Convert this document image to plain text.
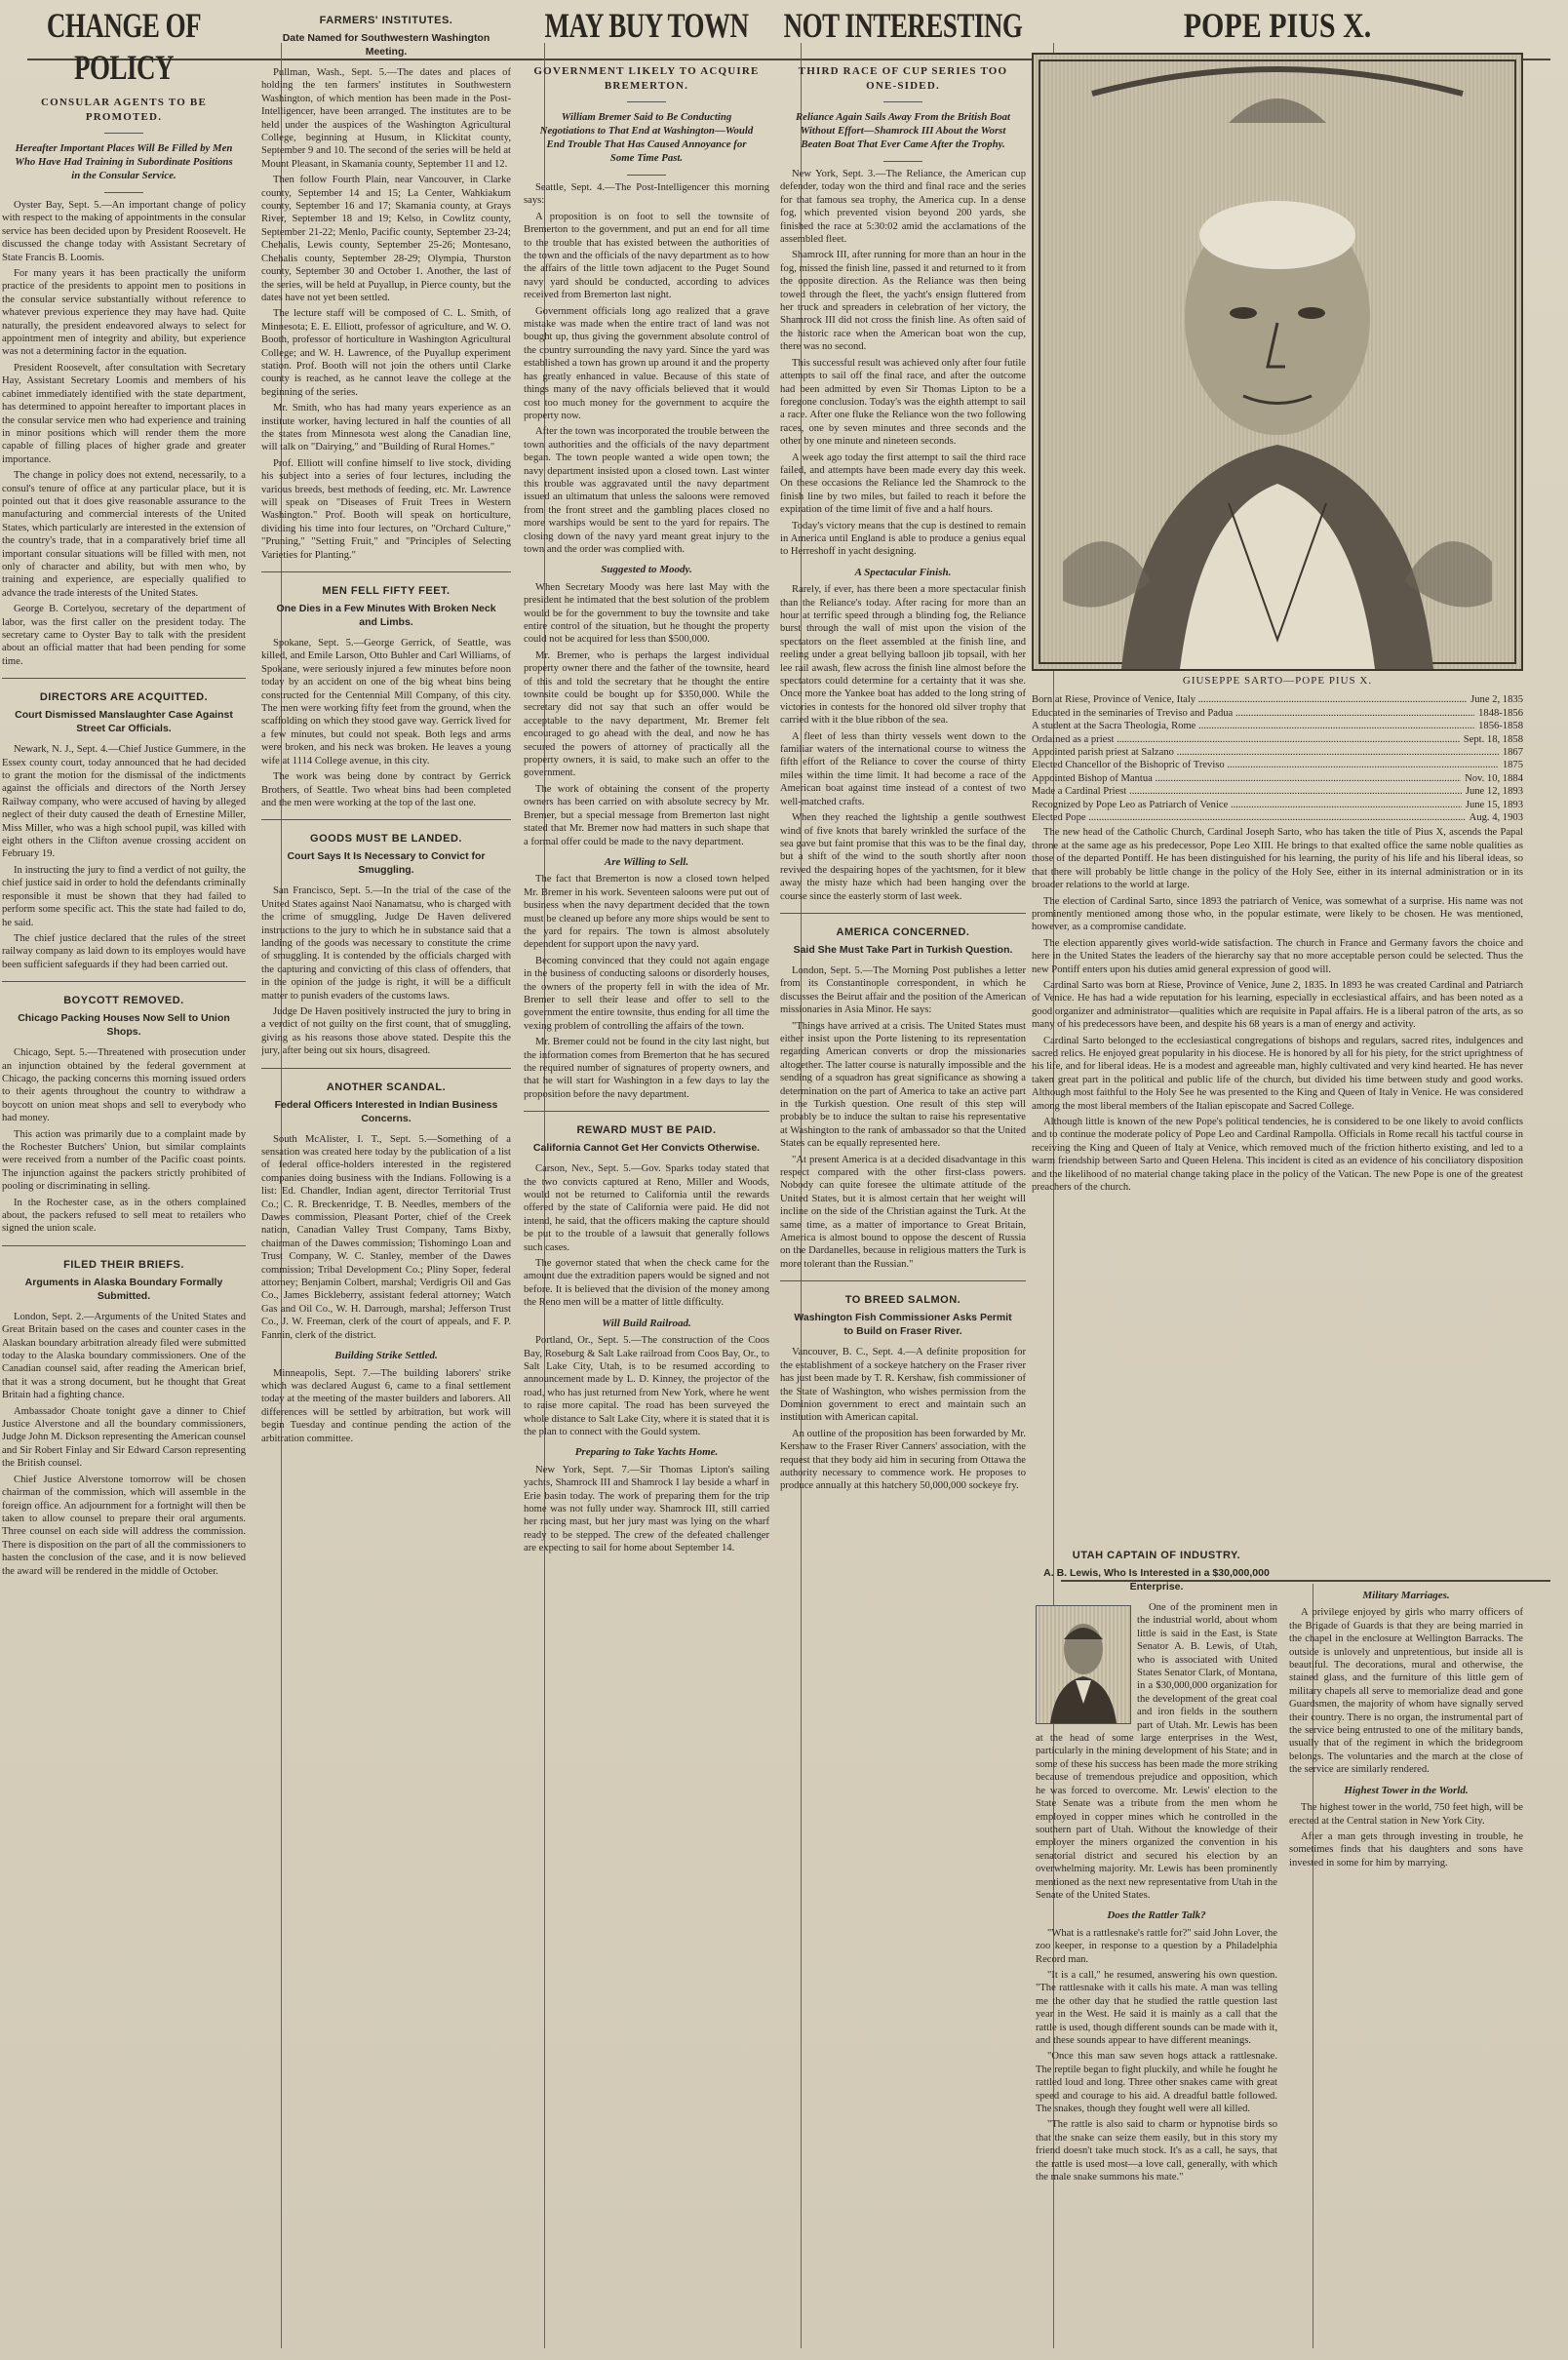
CHANGE OF POLICY
CONSULAR AGENTS TO BE PROMOTED.
Hereafter Important Places Will Be Filled by Men Who Have Had Training in Subordinate Positions in the Consular Service.

Oyster Bay, Sept. 5.—An important change of policy with respect to the making of appointments in the consular service has been decided upon by President Roosevelt. He discussed the change today with Assistant Secretary of State Francis B. Loomis.

For many years it has been practically the uniform practice of the presidents to appoint men to positions in the consular service substantially without reference to whatever previous experience they may have had. Quite naturally, the president endeavored always to select for appointment men of integrity and ability, but experience was not a determining factor in the equation.

President Roosevelt, after consultation with Secretary Hay, Assistant Secretary Loomis and members of his cabinet immediately identified with the state department, has determined to appoint hereafter to important places in the consular service men who had experience and training in minor positions which will render them the more capable of filling places of higher grade and greater importance.

The change in policy does not extend, necessarily, to a consul's tenure of office at any particular place, but it is pointed out that it does give reasonable assurance to the manufacturing and commercial interests of the United States, which particularly are interested in the extension of the country's trade, that in a comparatively brief time all important consular situations will be filled with men, not only of character and ability, but with men who, by training and experience, are especially qualified to advance the trade interests of the United States.

George B. Cortelyou, secretary of the department of labor, was the first caller on the president today. The secretary came to Oyster Bay to talk with the president about an official matter that had been pending for some time.

DIRECTORS ARE ACQUITTED.
Court Dismissed Manslaughter Case Against Street Car Officials.

Newark, N. J., Sept. 4.—Chief Justice Gummere, in the Essex county court, today announced that he had decided to grant the motion for the dismissal of the indictments against the officials and directors of the North Jersey Railway company, who were accused of having by alleged neglect of their duty caused the death of Ernestine Miller, Miss Miller, who was a high school pupil, was killed with eight others in the Clifton avenue crossing accident on February 19.

In instructing the jury to find a verdict of not guilty, the chief justice said in order to hold the defendants criminally responsible it must be shown that they had failed to perform some specific act. This the state had failed to do, he said.

The chief justice declared that the rules of the street railway company as laid down to its employes would have been sufficient safeguards if they had been carried out.

BOYCOTT REMOVED.
Chicago Packing Houses Now Sell to Union Shops.

Chicago, Sept. 5.—Threatened with prosecution under an injunction obtained by the federal government at Chicago, the packing concerns this morning issued orders to their agents throughout the country to withdraw a boycott on union meat shops and sell to everybody who had money.

This action was primarily due to a complaint made by the Rochester Butchers' Union, but similar complaints were received from a number of the Pacific coast points. The injunction against the packers strictly prohibited of pooling or discriminating in selling.

In the Rochester case, as in the others complained about, the packers refused to sell meat to retailers who signed the union scale.

FILED THEIR BRIEFS.
Arguments in Alaska Boundary Formally Submitted.

London, Sept. 2.—Arguments of the United States and Great Britain based on the cases and counter cases in the Alaskan boundary arbitration already filed were submitted today to the Alaska boundary commissioners. One of the Canadian counsel said, after reading the American brief, that it was a strong document, but he thought that Great Britain had a fighting chance.

Ambassador Choate tonight gave a dinner to Chief Justice Alverstone and all the boundary commissioners, Judge John M. Dickson representing the American counsel and Sir Robert Finlay and Sir Edward Carson representing the British counsel.

Chief Justice Alverstone tomorrow will be chosen chairman of the commission, which will assemble in the foreign office. An adjournment for a fortnight will then be taken to allow counsel to prepare their oral arguments. Three counsel on each side will address the commission. There is disposition on the part of all the commissioners to hasten the conclusion of the case, and it is now believed the award will be rendered in the middle of October.

FARMERS' INSTITUTES.
Date Named for Southwestern Washington Meeting.

Pullman, Wash., Sept. 5.—The dates and places of holding the ten farmers' institutes in Southwestern Washington, of which mention has been made in the Post-Intelligencer, have been arranged. The institutes are to be held under the auspices of the Washington Agricultural College, beginning at Husum, in Klickitat county, September 9 and 10. The second of the series will be held at Mount Pleasant, in Skamania county, September 11 and 12.

Then follow Fourth Plain, near Vancouver, in Clarke county, September 14 and 15; La Center, Wahkiakum county, September 16 and 17; Skamania county, at Grays River, September 18 and 19; Kelso, in Cowlitz county, September 21-22; Menlo, Pacific county, September 23-24; Chehalis, Lewis county, September 25-26; Montesano, Chehalis county, September 28-29; Olympia, Thurston county, September 30 and October 1. Another, the last of the series, will be held at Puyallup, in Pierce county, but the dates have not yet been settled.

The lecture staff will be composed of C. L. Smith, of Minnesota; E. E. Elliott, professor of agriculture, and W. O. Booth, professor of horticulture in Washington Agricultural College; and W. H. Lawrence, of the Puyallup experiment station. Prof. Booth will not join the others until Clarke county is reached, as he cannot leave the college at the beginning of the series.

Mr. Smith, who has had many years experience as an institute worker, having lectured in half the counties of all the states from Minnesota west along the Canadian line, will talk on "Dairying," and "Building of Rural Homes."

Prof. Elliott will confine himself to live stock, dividing his subject into a series of four lectures, including the various breeds, best methods of feeding, etc. Mr. Lawrence will speak on "Diseases of Fruit Trees in Western Washington." Prof. Booth will speak on horticulture, dividing his time into four lectures, on "Orchard Culture," "Pruning," "Setting Fruit," and "Principles of Selecting Varieties for Planting."

MEN FELL FIFTY FEET.
One Dies in a Few Minutes With Broken Neck and Limbs.

Spokane, Sept. 5.—George Gerrick, of Seattle, was killed, and Emile Larson, Otto Buhler and Carl Williams, of Spokane, were seriously injured a few minutes before noon today by an accident on one of the big wheat bins being constructed for the Centennial Mill Company, of this city. The men were working fifty feet from the ground, when the scaffolding on which they stood gave way. Gerrick lived for a few minutes, but could not speak. Both legs and arms were broken, and his neck was broken. He leaves a young wife at 1114 College avenue, in this city.

The work was being done by contract by Gerrick Brothers, of Seattle. Two wheat bins had been completed and the men were working at the top of the last one.

GOODS MUST BE LANDED.
Court Says It Is Necessary to Convict for Smuggling.

San Francisco, Sept. 5.—In the trial of the case of the United States against Naoi Nanamatsu, who is charged with the crime of smuggling, Judge De Haven delivered instructions to the jury to which he in substance said that a landing of the goods was necessary to constitute the crime of smuggling. It is contended by the officials charged with the capturing and convicting of this class of offenders, that in the opinion of the judge is right, it will be a difficult matter to punish evaders of the customs laws.

Judge De Haven positively instructed the jury to bring in a verdict of not guilty on the first count, that of smuggling, giving as his reasons those above stated. Despite this the jury, after being out six hours, disagreed.

ANOTHER SCANDAL.
Federal Officers Interested in Indian Business Concerns.

South McAlister, I. T., Sept. 5.—Something of a sensation was created here today by the publication of a list of federal office-holders interested in the registered companies doing business with the Indians. Following is a list: Ed. Chandler, Indian agent, director Territorial Trust Co.; C. R. Breckenridge, T. B. Needles, members of the Dawes commission, Pleasant Porter, chief of the Creek nation, Canadian Valley Trust Company, Tams Bixby, chairman of the Dawes commission; Tishomingo Loan and Trust Company, W. C. Stanley, member of the Dawes commission; Tribal Development Co.; Pliny Soper, federal attorney; Benjamin Colbert, marshal; Verdigris Oil and Gas Co., James Bickleberry, assistant federal attorney; Watch Gas and Oil Co., W. H. Darrough, marshal; Jefferson Trust Co., J. W. Freeman, clerk of the court of appeals, and F. P. Fannin, clerk of the district.

Building Strike Settled.

Minneapolis, Sept. 7.—The building laborers' strike which was declared August 6, came to a final settlement today at the meeting of the master builders and laborers. All differences will be settled by arbitration, but work will begin Tuesday and continue pending the action of the arbitration committee.

MAY BUY TOWN
GOVERNMENT LIKELY TO ACQUIRE BREMERTON.
William Bremer Said to Be Conducting Negotiations to That End at Washington—Would End Trouble That Has Caused Annoyance for Some Time Past.

Seattle, Sept. 4.—The Post-Intelligencer this morning says:

A proposition is on foot to sell the townsite of Bremerton to the government, and put an end for all time to the trouble that has existed between the authorities of the town and the officials of the navy department as to how the affairs of the little town adjacent to the Puget Sound navy yard should be conducted, according to advices received from Bremerton last night.

Government officials long ago realized that a grave mistake was made when the entire tract of land was not bought up, thus giving the government absolute control of the country surrounding the navy yard. Since the yard was established a town has grown up around it and the property has greatly enhanced in value. Because of this state of things many of the navy officials believed that it would cost too much money for the government to acquire the property now.

After the town was incorporated the trouble between the town authorities and the officials of the navy department began. The town people wanted a wide open town; the navy department insisted upon a closed town. Last winter this trouble was aggravated until the navy department issued an ultimatum that unless the saloons were removed from the front street and the gambling places closed no more warships would be sent to the yard for repairs. The closing down of the navy yard meant great injury to the town and the order was complied with.

Suggested to Moody.

When Secretary Moody was here last May with the president he intimated that the best solution of the problem would be for the government to buy the townsite and take entire control of the situation, but he thought the property could not be acquired for less than $500,000.

Mr. Bremer, who is perhaps the largest individual property owner there and the father of the townsite, heard of this and told the secretary that he thought the entire townsite could be bought up for $350,000. While the secretary did not say that such an offer would be acceptable to the navy department, Mr. Bremer felt encouraged to go ahead with the deal, and now he has secured the powers of attorney of practically all the property owners, it is said, to make such an offer to the government.

The work of obtaining the consent of the property owners has been carried on with absolute secrecy by Mr. Bremer, but a special message from Bremerton last night stated that Mr. Bremer now had matters in such shape that a formal offer could be made to the navy department.

Are Willing to Sell.

The fact that Bremerton is now a closed town helped Mr. Bremer in his work. Seventeen saloons were put out of business when the navy department decided that the town must be cleaned up before any more ships would be sent to the yard for repairs. The town is almost absolutely dependent for support upon the navy yard.

Becoming convinced that they could not again engage in the business of conducting saloons or disorderly houses, the owners of the property fell in with the idea of Mr. Bremer to sell their lease and offer to sell to the government the entire townsite, thus ending for all time the vexing problem of controlling the affairs of the town.

Mr. Bremer could not be found in the city last night, but the information comes from Bremerton that he has secured the required number of signatures of property owners, and that he will start for Washington in a few days to lay the proposition before the navy department.

REWARD MUST BE PAID.
California Cannot Get Her Convicts Otherwise.

Carson, Nev., Sept. 5.—Gov. Sparks today stated that the two convicts captured at Reno, Miller and Woods, would not be returned to California until the rewards offered by the state of California were paid. He did not intend, he said, that the officers making the capture should be put to the trouble of a lawsuit that generally follows such cases.

The governor stated that when the check came for the amount due the extradition papers would be signed and not before. It is believed that the division of the money among the Reno men will be a matter of little difficulty.

Will Build Railroad.

Portland, Or., Sept. 5.—The construction of the Coos Bay, Roseburg & Salt Lake railroad from Coos Bay, Or., to Salt Lake City, Utah, is to be resumed according to announcement made by L. D. Kinney, the projector of the road, who has just returned from New York, where he went to raise more capital. The road has been surveyed the whole distance to Salt Lake City, where it is stated that it is the plan to connect with the Gould system.

Preparing to Take Yachts Home.

New York, Sept. 7.—Sir Thomas Lipton's sailing yachts, Shamrock III and Shamrock I lay beside a wharf in Erie basin today. The work of preparing them for the trip home was not fully under way. Shamrock III, still carried her racing mast, but her jury mast was lying on the wharf ready to be stepped. The crew of the defeated challenger are expecting to sail for home about September 14.

NOT INTERESTING
THIRD RACE OF CUP SERIES TOO ONE-SIDED.
Reliance Again Sails Away From the British Boat Without Effort—Shamrock III About the Worst Beaten Boat That Ever Came After the Trophy.

New York, Sept. 3.—The Reliance, the American cup defender, today won the third and final race and the series for that famous sea trophy, the America cup. In a dense fog, which prevented vision beyond 200 yards, she finished the race at 5:30:02 amid the acclamations of the assembled fleet.

Shamrock III, after running for more than an hour in the fog, missed the finish line, passed it and returned to it from the opposite direction. As the Reliance was then being towed through the fleet, the yacht's ensign fluttered from her truck and spreaders in celebration of her victory, the Shamrock III did not cross the finish line. As often said of the historic race when the American boat won the cup, there was no second.

This successful result was achieved only after four futile attempts to sail off the final race, and after the outcome had been admitted by even Sir Thomas Lipton to be a foregone conclusion. Today's was the eighth attempt to sail a race. After one fluke the Reliance won the two following races, one by seven minutes and three seconds and the other by one minute and nineteen seconds.

A week ago today the first attempt to sail the third race failed, and attempts have been made every day this week. On these occasions the Reliance led the Shamrock to the finish line by two miles, but failed to reach it before the expiration of the time limit of five and a half hours.

Today's victory means that the cup is destined to remain in America until England is able to produce a genius equal to Herreshoff in yacht designing.

A Spectacular Finish.

Rarely, if ever, has there been a more spectacular finish than the Reliance's today. After racing for more than an hour at terrific speed through a blinding fog, the Reliance burst through the wall of mist upon the vision of the spectators on the fleet assembled at the finish line, and reeling under a great bellying balloon jib topsail, with her lee rail awash, flew across the finish line almost before the spectators could determine for a certainty that it was she. Once more the Yankee boat has added to the long string of victories in contests for the honored old silver trophy that carried with it the blue ribbon of the sea.

A fleet of less than thirty vessels went down to the familiar waters of the international course to witness the fifth effort of the Reliance to cover the course of thirty miles within the time limit. It had become a race of the American boat against time instead of a contest of two well-matched crafts.

When they reached the lightship a gentle southwest wind of five knots that barely wrinkled the surface of the sea gave but faint promise that this was to be the final day, but a shift of the wind to the south shortly after noon revived the despairing hopes of the yachtsmen, for it blew away the misty haze which had been hanging over the course since the easterly storm of last week.

AMERICA CONCERNED.
Said She Must Take Part in Turkish Question.

London, Sept. 5.—The Morning Post publishes a letter from its Constantinople correspondent, in which he discusses the Beirut affair and the position of the American missionaries in Asia Minor. He says:

"Things have arrived at a crisis. The United States must either insist upon the Porte listening to its representation regarding American converts or drop the missionaries altogether. The latter course is naturally impossible and the sending of a squadron has great significance as showing a determination on the part of America to take an active part in the Turkish question. One result of this step will probably be to induce the sultan to raise his representative at Washington to the rank of ambassador so that the United States can be equally represented here.

"At present America is at a decided disadvantage in this respect compared with the other first-class powers. Nobody can quite foresee the ultimate attitude of the United States, but it is almost certain that her weight will incline on the side of the Christian against the Turk. At the same time, as a matter of importance to Great Britain, America is almost bound to oppose the descent of Russia on the Dardanelles, because in religious matters the Turk is more tolerant than the Russian."

TO BREED SALMON.
Washington Fish Commissioner Asks Permit to Build on Fraser River.

Vancouver, B. C., Sept. 4.—A definite proposition for the establishment of a sockeye hatchery on the Fraser river has just been made by T. R. Kershaw, fish commissioner of the State of Washington, who wishes permission from the Dominion government to erect and maintain such an institution with American capital.

An outline of the proposition has been forwarded by Mr. Kershaw to the Fraser River Canners' association, with the request that they body aid him in securing from Ottawa the authority necessary to commence work. He proposes to produce annually at this hatchery 50,000,000 sockeye fry.

POPE PIUS X.
GIUSEPPE SARTO—POPE PIUS X.
Born at Riese, Province of Venice, Italy .....	June 2, 1835
Educated in the seminaries of Treviso and Padua .....	1848-1856
A student at the Sacra Theologia, Rome .....	1856-1858
Ordained as a priest .....	Sept. 18, 1858
Appointed parish priest at Salzano .....	1867
Elected Chancellor of the Bishopric of Treviso .....	1875
Appointed Bishop of Mantua .....	Nov. 10, 1884
Made a Cardinal Priest .....	June 12, 1893
Recognized by Pope Leo as Patriarch of Venice .....	June 15, 1893
Elected Pope .....	Aug. 4, 1903

The new head of the Catholic Church, Cardinal Joseph Sarto, who has taken the title of Pius X, ascends the Papal throne at the same age as his predecessor, Pope Leo XIII. He brings to that exalted office the same noble qualities as those of the departed Pontiff. He has been distinguished for his learning, the purity of his life and his liberal ideas, so that there will probably be little change in the policy of the Holy See, either in its internal administration or in its broader relations to the world at large.

The election of Cardinal Sarto, since 1893 the patriarch of Venice, was somewhat of a surprise. His name was not prominently mentioned among those who, in the popular estimate, were likely to be chosen. He was mentioned, however, as a compromise candidate.

The election apparently gives world-wide satisfaction. The church in France and Germany favors the choice and here in the United States the leaders of the hierarchy say that no more acceptable person could be selected. Thus the new Pontiff enters upon his duties amid general expression of good will.

Cardinal Sarto was born at Riese, Province of Venice, June 2, 1835. In 1893 he was created Cardinal and Patriarch of Venice. He has had a wide reputation for his learning, especially in ecclesiastical affairs, and has been noted as a good organizer and administrator—qualities which are requisite in Papal affairs. He is a liberal patron of the arts, as so many of his predecessors have been, and despite his 68 years is a man of energy and activity.

Cardinal Sarto belonged to the ecclesiastical congregations of bishops and regulars, sacred rites, indulgences and sacred relics. He enjoyed great popularity in his diocese. He is honored by all for his piety, for the strict uprightness of his life, and for liberal ideas. He is a modest and agreeable man, highly cultivated and very kind hearted. He has never taken great part in the political and public life of the church, but divided his time between study and good works. Although most faithful to the Holy See he was presented to the King and Queen of Italy in Venice. He was considered among the most liberal members of the Italian episcopate and Sacred College.

Although little is known of the new Pope's political tendencies, he is considered to be one likely to avoid conflicts and to continue the moderate policy of Pope Leo and Cardinal Rampolla. Officials in Rome recall his tactful course in receiving the King and Queen of Italy at Venice, which removed much of the friction hitherto existing, and led to a warm friendship between Sarto and Queen Helena. This incident is cited as an evidence of his conciliatory disposition and the likelihood of no material change taking place in the policy of the Vatican. The new Pope is one of the greatest preachers of the church.

UTAH CAPTAIN OF INDUSTRY.
A. B. Lewis, Who Is Interested in a $30,000,000 Enterprise.

One of the prominent men in the industrial world, about whom little is said in the East, is State Senator A. B. Lewis, of Utah, who is associated with United States Senator Clark, of Montana, in a $30,000,000 organization for the development of the great coal and iron fields in the southern part of Utah. Mr. Lewis has been at the head of some large enterprises in the West, particularly in the mining development of his State; and in some of these his success has been made the more striking because of tremendous prejudice and opposition, which he was forced to overcome. Mr. Lewis' election to the State Senate was a tribute from the men whom he employed in copper mines which he controlled in the southern part of Utah. Without the knowledge of their employer the miners organized the convention in his senatorial district and secured his election by an overwhelming majority. Mr. Lewis has been prominently mentioned as the next new representative from Utah in the Senate of the United States.

Does the Rattler Talk?

"What is a rattlesnake's rattle for?" said John Lover, the zoo keeper, in response to a question by a Philadelphia Record man.

"It is a call," he resumed, answering his own question. "The rattlesnake with it calls his mate. A man was telling me the other day that he studied the rattle question last year in the West. He said it is mainly as a call that the rattle is used, though different sounds can be made with it, and these sounds appear to have different meanings.

"Once this man saw seven hogs attack a rattlesnake. The reptile began to fight pluckily, and while he fought he rattled loud and long. Three other snakes came with great speed and courage to his aid. A dreadful battle followed. The snakes, though they fought well were all killed.

"The rattle is also said to charm or hypnotise birds so that the snake can seize them easily, but in this story my friend doesn't take much stock. It's as a call, he says, that the rattle is used most—a love call, generally, with which the male snake summons his mate."

Military Marriages.

A privilege enjoyed by girls who marry officers of the Brigade of Guards is that they are being married in the chapel in the enclosure at Wellington Barracks. The outside is unlovely and unpretentious, but inside all is beautiful. The decorations, mural and otherwise, the stained glass, and the furniture of this little gem of military chapels all serve to memorialize dead and gone Guardsmen, the majority of whom have signally served their country. There is no organ, the instrumental part of the service being entrusted to one of the military bands, usually that of the regiment in which the bridegroom belongs. The voluntaries and the march at the close of the service are similarly rendered.

Highest Tower in the World.

The highest tower in the world, 750 feet high, will be erected at the Central station in New York City.

After a man gets through investing in trouble, he sometimes finds that his daughters and sons have invested in some for him by marrying.
